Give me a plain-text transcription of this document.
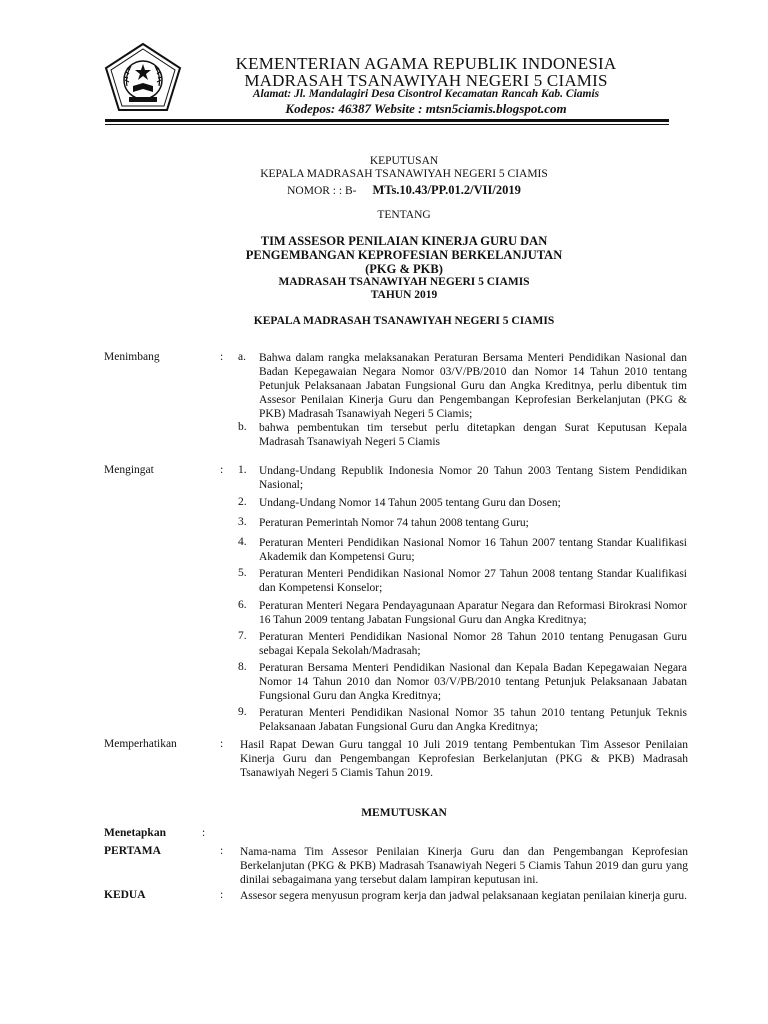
KEMENTERIAN AGAMA REPUBLIK INDONESIA
MADRASAH TSANAWIYAH NEGERI 5 CIAMIS
Alamat: Jl. Mandalagiri Desa Cisontrol Kecamatan Rancah Kab. Ciamis
Kodepos: 46387 Website : mtsn5ciamis.blogspot.com
KEPUTUSAN
KEPALA MADRASAH TSANAWIYAH NEGERI 5 CIAMIS
NOMOR : : B- MTs.10.43/PP.01.2/VII/2019
TENTANG
TIM ASSESOR PENILAIAN KINERJA GURU DAN
PENGEMBANGAN KEPROFESIAN BERKELANJUTAN
(PKG & PKB)
MADRASAH TSANAWIYAH NEGERI 5 CIAMIS
TAHUN 2019
KEPALA MADRASAH TSANAWIYAH NEGERI 5 CIAMIS
Menimbang	: a. Bahwa dalam rangka melaksanakan Peraturan Bersama Menteri Pendidikan Nasional dan Badan Kepegawaian Negara Nomor 03/V/PB/2010 dan Nomor 14 Tahun 2010 tentang Petunjuk Pelaksanaan Jabatan Fungsional Guru dan Angka Kreditnya, perlu dibentuk tim Assesor Penilaian Kinerja Guru dan Pengembangan Keprofesian Berkelanjutan (PKG & PKB) Madrasah Tsanawiyah Negeri 5 Ciamis;
b. bahwa pembentukan tim tersebut perlu ditetapkan dengan Surat Keputusan Kepala Madrasah Tsanawiyah Negeri 5 Ciamis
Mengingat	: 1. Undang-Undang Republik Indonesia Nomor 20 Tahun 2003 Tentang Sistem Pendidikan Nasional;
2. Undang-Undang Nomor 14 Tahun 2005 tentang Guru dan Dosen;
3. Peraturan Pemerintah Nomor 74 tahun 2008 tentang Guru;
4. Peraturan Menteri Pendidikan Nasional Nomor 16 Tahun 2007 tentang Standar Kualifikasi Akademik dan Kompetensi Guru;
5. Peraturan Menteri Pendidikan Nasional Nomor 27 Tahun 2008 tentang Standar Kualifikasi dan Kompetensi Konselor;
6. Peraturan Menteri Negara Pendayagunaan Aparatur Negara dan Reformasi Birokrasi Nomor 16 Tahun 2009 tentang Jabatan Fungsional Guru dan Angka Kreditnya;
7. Peraturan Menteri Pendidikan Nasional Nomor 28 Tahun 2010 tentang Penugasan Guru sebagai Kepala Sekolah/Madrasah;
8. Peraturan Bersama Menteri Pendidikan Nasional dan Kepala Badan Kepegawaian Negara Nomor 14 Tahun 2010 dan Nomor 03/V/PB/2010 tentang Petunjuk Pelaksanaan Jabatan Fungsional Guru dan Angka Kreditnya;
9. Peraturan Menteri Pendidikan Nasional Nomor 35 tahun 2010 tentang Petunjuk Teknis Pelaksanaan Jabatan Fungsional Guru dan Angka Kreditnya;
Memperhatikan	: Hasil Rapat Dewan Guru tanggal 10 Juli 2019 tentang Pembentukan Tim Assesor Penilaian Kinerja Guru dan Pengembangan Keprofesian Berkelanjutan (PKG & PKB) Madrasah Tsanawiyah Negeri 5 Ciamis Tahun 2019.
MEMUTUSKAN
Menetapkan	:
PERTAMA	: Nama-nama Tim Assesor Penilaian Kinerja Guru dan dan Pengembangan Keprofesian Berkelanjutan (PKG & PKB) Madrasah Tsanawiyah Negeri 5 Ciamis Tahun 2019 dan guru yang dinilai sebagaimana yang tersebut dalam lampiran keputusan ini.
KEDUA	: Assesor segera menyusun program kerja dan jadwal pelaksanaan kegiatan penilaian kinerja guru.
